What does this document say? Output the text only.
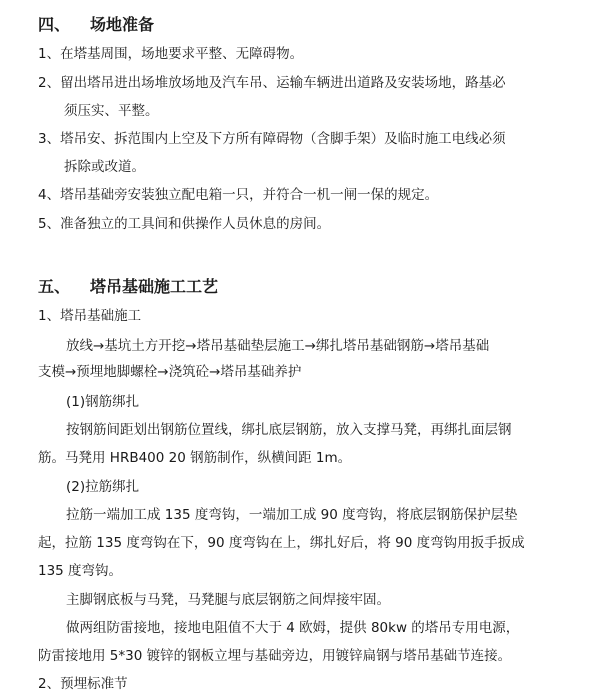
四、 场地准备
1、在塔基周围，场地要求平整、无障碍物。
2、留出塔吊进出场堆放场地及汽车吊、运输车辆进出道路及安装场地，路基必
须压实、平整。
3、塔吊安、拆范围内上空及下方所有障碍物（含脚手架）及临时施工电线必须
拆除或改道。
4、塔吊基础旁安装独立配电箱一只，并符合一机一闸一保的规定。
5、准备独立的工具间和供操作人员休息的房间。
五、 塔吊基础施工工艺
1、塔吊基础施工
放线→基坑土方开挖→塔吊基础垫层施工→绑扎塔吊基础钢筋→塔吊基础
支模→预埋地脚螺栓→浇筑砼→塔吊基础养护
(1)钢筋绑扎
按钢筋间距划出钢筋位置线，绑扎底层钢筋，放入支撑马凳，再绑扎面层钢
筋。马凳用 HRB400 20 钢筋制作，纵横间距 1m。
(2)拉筋绑扎
拉筋一端加工成 135 度弯钩，一端加工成 90 度弯钩，将底层钢筋保护层垫
起，拉筋 135 度弯钩在下，90 度弯钩在上，绑扎好后，将 90 度弯钩用扳手扳成
135 度弯钩。
主脚钢底板与马凳，马凳腿与底层钢筋之间焊接牢固。
做两组防雷接地，接地电阻值不大于 4 欧姆，提供 80kw 的塔吊专用电源，
防雷接地用 5*30 镀锌的钢板立埋与基础旁边，用镀锌扁钢与塔吊基础节连接。
2、预埋标准节
